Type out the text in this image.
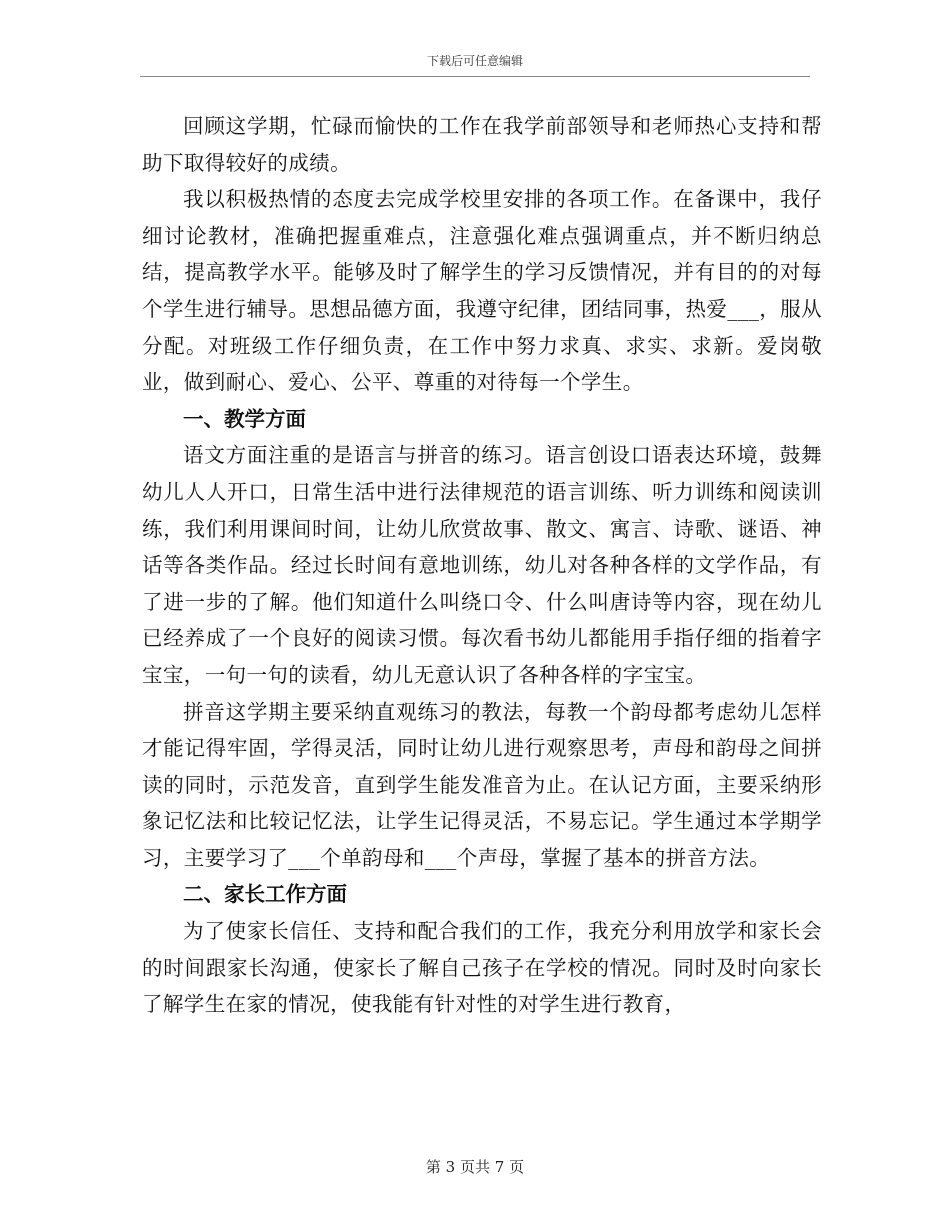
下载后可任意编辑

回顾这学期，忙碌而愉快的工作在我学前部领导和老师热心支持和帮助下取得较好的成绩。

我以积极热情的态度去完成学校里安排的各项工作。在备课中，我仔细讨论教材，准确把握重难点，注意强化难点强调重点，并不断归纳总结，提高教学水平。能够及时了解学生的学习反馈情况，并有目的的对每个学生进行辅导。思想品德方面，我遵守纪律，团结同事，热爱___，服从分配。对班级工作仔细负责，在工作中努力求真、求实、求新。爱岗敬业，做到耐心、爱心、公平、尊重的对待每一个学生。

一、教学方面

语文方面注重的是语言与拼音的练习。语言创设口语表达环境，鼓舞幼儿人人开口，日常生活中进行法律规范的语言训练、听力训练和阅读训练，我们利用课间时间，让幼儿欣赏故事、散文、寓言、诗歌、谜语、神话等各类作品。经过长时间有意地训练，幼儿对各种各样的文学作品，有了进一步的了解。他们知道什么叫绕口令、什么叫唐诗等内容，现在幼儿已经养成了一个良好的阅读习惯。每次看书幼儿都能用手指仔细的指着字宝宝，一句一句的读看，幼儿无意认识了各种各样的字宝宝。

拼音这学期主要采纳直观练习的教法，每教一个韵母都考虑幼儿怎样才能记得牢固，学得灵活，同时让幼儿进行观察思考，声母和韵母之间拼读的同时，示范发音，直到学生能发准音为止。在认记方面，主要采纳形象记忆法和比较记忆法，让学生记得灵活，不易忘记。学生通过本学期学习，主要学习了___个单韵母和___个声母，掌握了基本的拼音方法。

二、家长工作方面

为了使家长信任、支持和配合我们的工作，我充分利用放学和家长会的时间跟家长沟通，使家长了解自己孩子在学校的情况。同时及时向家长了解学生在家的情况，使我能有针对性的对学生进行教育，

第 3 页共 7 页
